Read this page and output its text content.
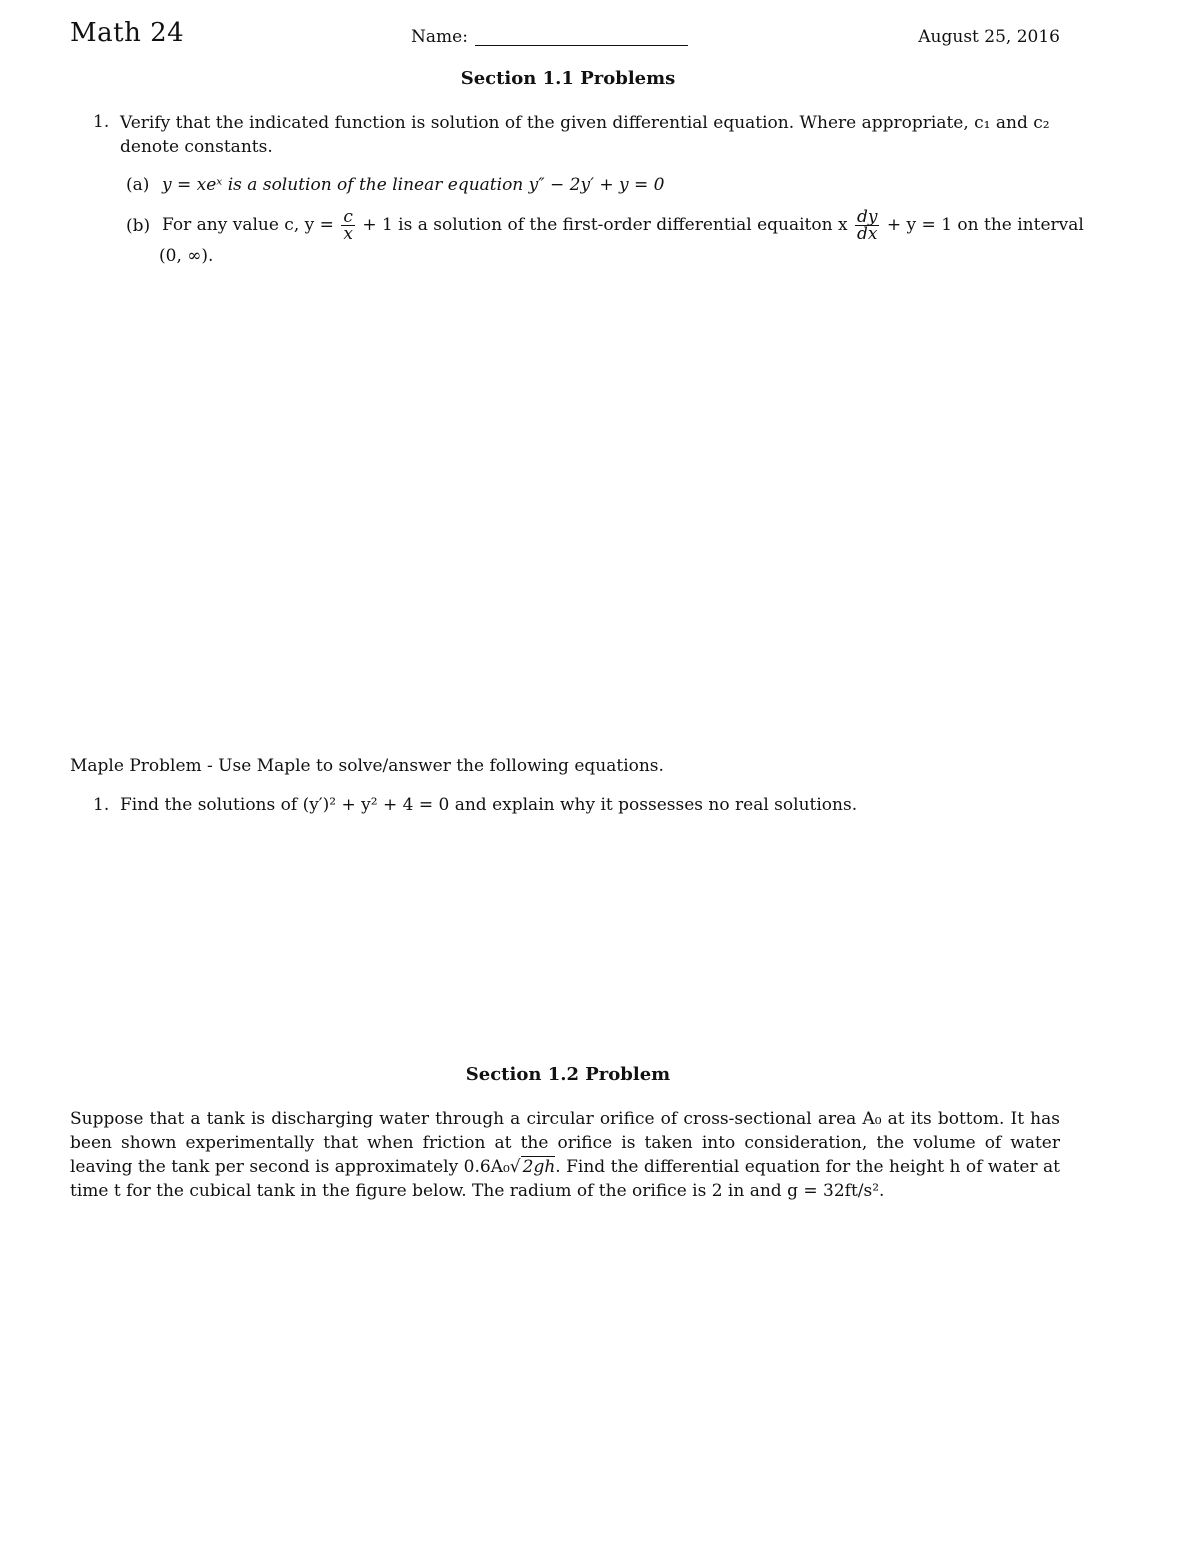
Math 24	Name:	August 25, 2016
Section 1.1 Problems
1. Verify that the indicated function is solution of the given differential equation. Where appropriate, c₁ and c₂ denote constants.
(a) y = xeˣ is a solution of the linear equation y″ − 2y′ + y = 0
(b) For any value c, $y = \frac{c}{x} + 1$ is a solution of the first-order differential equaiton x $\frac{dy}{dx} + y = 1$ on the interval
(0, ∞).
Maple Problem - Use Maple to solve/answer the following equations.
1. Find the solutions of (y′)² + y² + 4 = 0 and explain why it possesses no real solutions.
Section 1.2 Problem
Suppose that a tank is discharging water through a circular orifice of cross-sectional area A₀ at its bottom. It has been shown experimentally that when friction at the orifice is taken into consideration, the volume of water leaving the tank per second is approximately 0.6A₀√ 2gh. Find the differential equation for the height h of water at time t for the cubical tank in the figure below. The radium of the orifice is 2 in and g = 32ft/s².
